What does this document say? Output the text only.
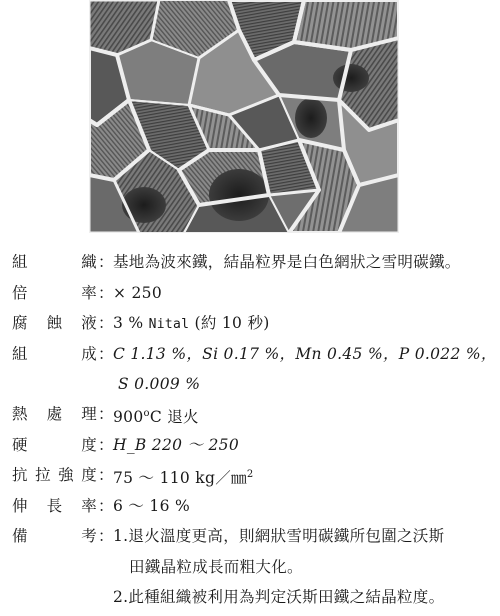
組	織 ： 基地為波來鐵，結晶粒界是白色網狀之雪明碳鐵。
倍	率 ： × 250
腐 蝕 液 ： 3 % Nital (約 10 秒)
組	成 ： C 1.13 %，Si 0.17 %，Mn 0.45 %，P 0.022 %，
S 0.009 %
熱 處 理 ： 900$^o$C 退火
硬	度 ： H_B 220 ～ 250
抗 拉 強 度 ： 75 ～ 110 kg／㎜$^2$
伸 長 率 ： 6 ～ 16 %
備	考 ： 1.退火溫度更高，則網狀雪明碳鐵所包圍之沃斯
田鐵晶粒成長而粗大化。
2.此種組織被利用為判定沃斯田鐵之結晶粒度。
